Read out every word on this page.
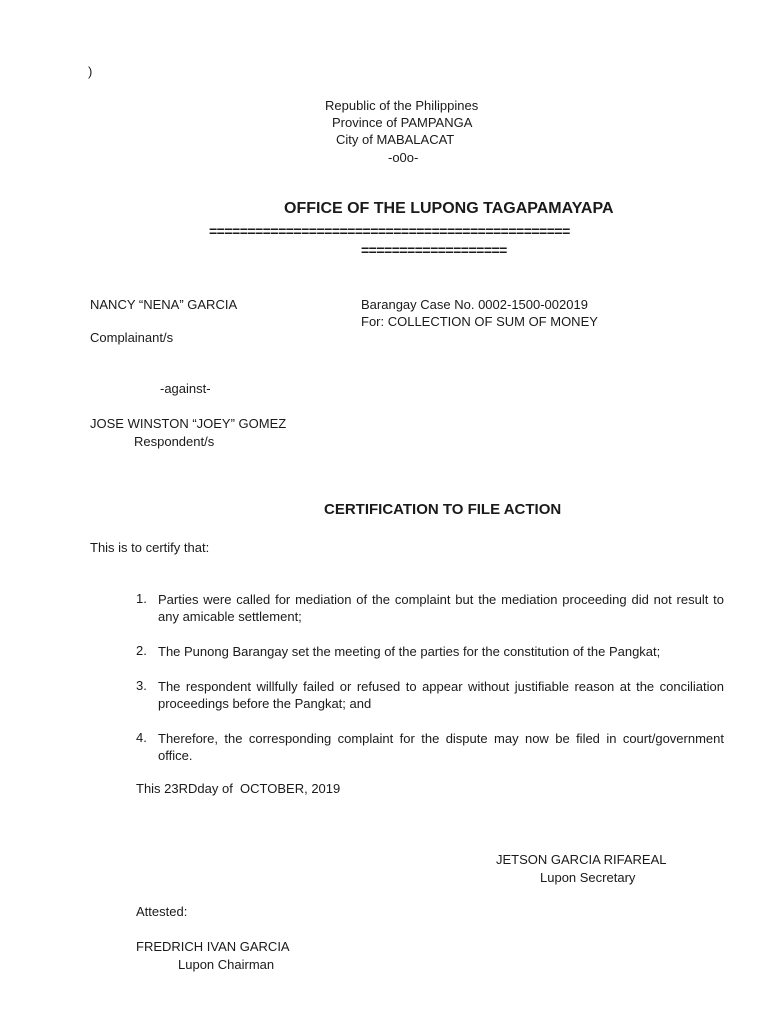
)
Republic of the Philippines
Province of PAMPANGA
City of MABALACAT
-o0o-
OFFICE OF THE LUPONG TAGAPAMAYAPA
===============================================
===================
NANCY “NENA” GARCIA	Barangay Case No. 0002-1500-002019
For: COLLECTION OF SUM OF MONEY
Complainant/s
-against-
JOSE WINSTON “JOEY” GOMEZ
Respondent/s
CERTIFICATION TO FILE ACTION
This is to certify that:
1. Parties were called for mediation of the complaint but the mediation proceeding did not result to any amicable settlement;
2. The Punong Barangay set the meeting of the parties for the constitution of the Pangkat;
3. The respondent willfully failed or refused to appear without justifiable reason at the conciliation proceedings before the Pangkat; and
4. Therefore, the corresponding complaint for the dispute may now be filed in court/government office.
This 23RDday of  OCTOBER, 2019
JETSON GARCIA RIFAREAL
Lupon Secretary
Attested:
FREDRICH IVAN GARCIA
Lupon Chairman
